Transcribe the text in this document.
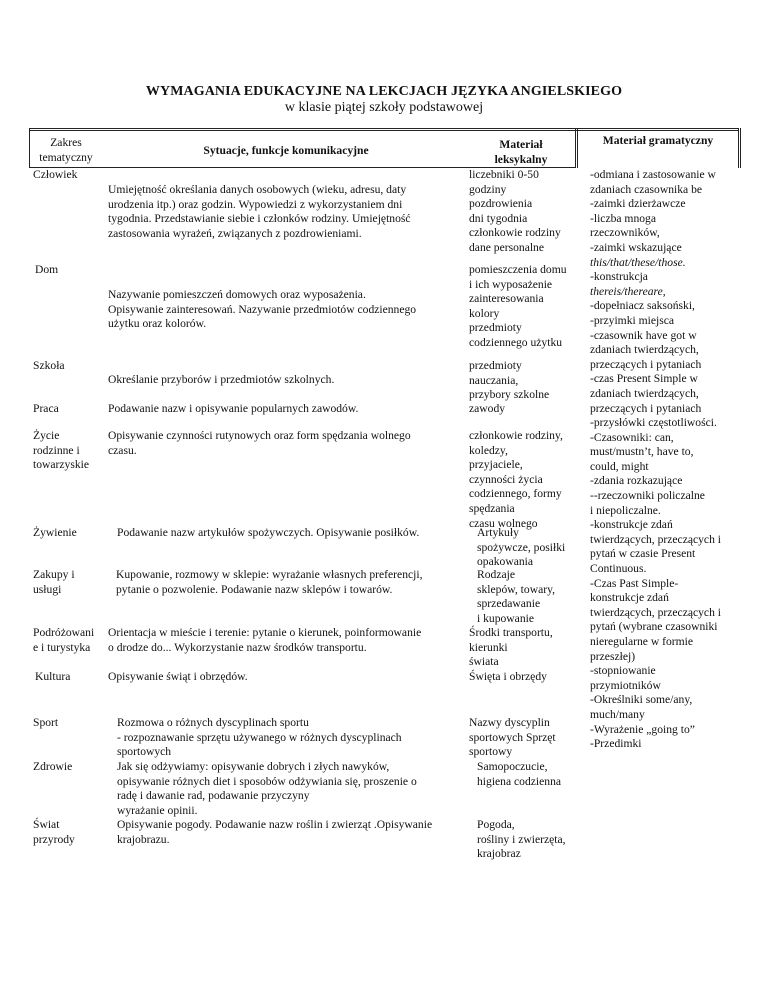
WYMAGANIA EDUKACYJNE NA LEKCJACH JĘZYKA ANGIELSKIEGO
w klasie piątej szkoły podstawowej
Zakres
tematyczny
Sytuacje, funkcje komunikacyjne	Materiał
leksykalny
Materiał gramatyczny
Człowiek
Dom
Szkoła
Praca
Życie
rodzinne i
towarzyskie
Żywienie
Zakupy i
usługi
Podróżowani
e i turystyka
Kultura
Sport
Zdrowie
Świat
przyrody
Umiejętność określania danych osobowych (wieku, adresu, daty
urodzenia itp.) oraz godzin. Wypowiedzi z wykorzystaniem dni
tygodnia. Przedstawianie siebie i członków rodziny. Umiejętność
zastosowania wyrażeń, związanych z pozdrowieniami.
Nazywanie pomieszczeń domowych oraz wyposażenia.
Opisywanie zainteresowań. Nazywanie przedmiotów codziennego
użytku oraz kolorów.
Określanie przyborów i przedmiotów szkolnych.
Podawanie nazw i opisywanie popularnych zawodów.
Opisywanie czynności rutynowych oraz form spędzania wolnego
czasu.
Podawanie nazw artykułów spożywczych. Opisywanie posiłków.
Kupowanie, rozmowy w sklepie: wyrażanie własnych preferencji,
pytanie o pozwolenie. Podawanie nazw sklepów i towarów.
Orientacja w mieście i terenie: pytanie o kierunek, poinformowanie
o drodze do... Wykorzystanie nazw środków transportu.
Opisywanie świąt i obrzędów.
Rozmowa o różnych dyscyplinach sportu
- rozpoznawanie sprzętu używanego w różnych dyscyplinach
sportowych
Jak się odżywiamy: opisywanie dobrych i złych nawyków,
opisywanie różnych diet i sposobów odżywiania się, proszenie o
radę i dawanie rad, podawanie przyczyny
wyrażanie opinii.
Opisywanie pogody. Podawanie nazw roślin i zwierząt .Opisywanie
krajobrazu.
liczebniki 0-50
godziny
pozdrowienia
dni tygodnia
członkowie rodziny
dane personalne
pomieszczenia domu
i ich wyposażenie
zainteresowania
kolory
przedmioty
codziennego użytku
przedmioty
nauczania,
przybory szkolne
zawody
członkowie rodziny,
koledzy,
przyjaciele,
czynności życia
codziennego, formy
spędzania
czasu wolnego
Artykuły
spożywcze, posiłki
opakowania
Rodzaje
sklepów, towary,
sprzedawanie
i kupowanie
Środki transportu,
kierunki
świata
Święta i obrzędy
Nazwy dyscyplin
sportowych Sprzęt
sportowy
Samopoczucie,
higiena codzienna
Pogoda,
rośliny i zwierzęta,
krajobraz
-odmiana i zastosowanie w
zdaniach czasownika be
-zaimki dzierżawcze
-liczba mnoga
rzeczowników,
-zaimki wskazujące
this/that/these/those.
-konstrukcja
thereis/thereare,
-dopełniacz saksoński,
-przyimki miejsca
-czasownik have got w
zdaniach twierdzących,
przeczących i pytaniach
-czas Present Simple w
zdaniach twierdzących,
przeczących i pytaniach
-przysłówki częstotliwości.
-Czasowniki: can,
must/mustn’t, have to,
could, might
-zdania rozkazujące
--rzeczowniki policzalne
i niepoliczalne.
-konstrukcje zdań
twierdzących, przeczących i
pytań w czasie Present
Continuous.
-Czas Past Simple-
konstrukcje zdań
twierdzących, przeczących i
pytań (wybrane czasowniki
nieregularne w formie
przeszłej)
-stopniowanie
przymiotników
-Określniki some/any,
much/many
-Wyrażenie „going to”
-Przedimki
